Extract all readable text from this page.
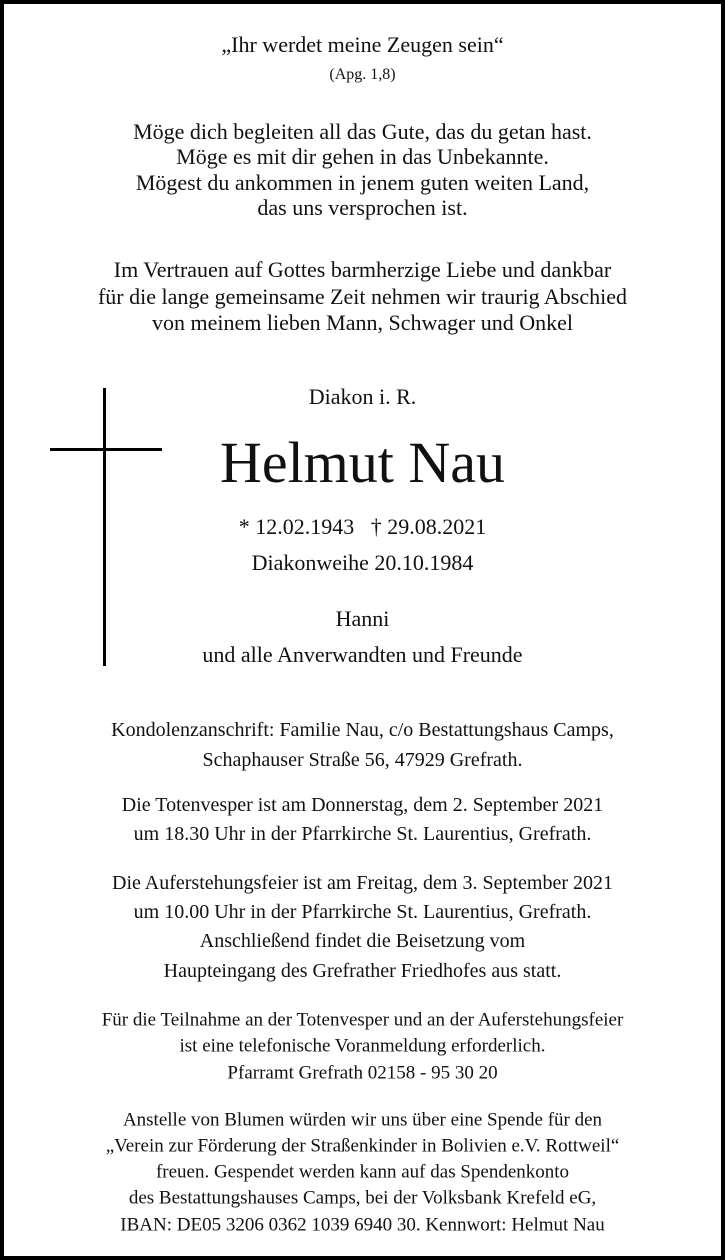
„Ihr werdet meine Zeugen sein“
(Apg. 1,8)
Möge dich begleiten all das Gute, das du getan hast.
Möge es mit dir gehen in das Unbekannte.
Mögest du ankommen in jenem guten weiten Land,
das uns versprochen ist.
Im Vertrauen auf Gottes barmherzige Liebe und dankbar
für die lange gemeinsame Zeit nehmen wir traurig Abschied
von meinem lieben Mann, Schwager und Onkel
Diakon i. R.
Helmut Nau
* 12.02.1943   † 29.08.2021
Diakonweihe 20.10.1984
Hanni
und alle Anverwandten und Freunde
Kondolenzanschrift: Familie Nau, c/o Bestattungshaus Camps,
Schaphauser Straße 56, 47929 Grefrath.
Die Totenvesper ist am Donnerstag, dem 2. September 2021
um 18.30 Uhr in der Pfarrkirche St. Laurentius, Grefrath.
Die Auferstehungsfeier ist am Freitag, dem 3. September 2021
um 10.00 Uhr in der Pfarrkirche St. Laurentius, Grefrath.
Anschließend findet die Beisetzung vom
Haupteingang des Grefrather Friedhofes aus statt.
Für die Teilnahme an der Totenvesper und an der Auferstehungsfeier
ist eine telefonische Voranmeldung erforderlich.
Pfarramt Grefrath 02158 - 95 30 20
Anstelle von Blumen würden wir uns über eine Spende für den
„Verein zur Förderung der Straßenkinder in Bolivien e.V. Rottweil“
freuen. Gespendet werden kann auf das Spendenkonto
des Bestattungshauses Camps, bei der Volksbank Krefeld eG,
IBAN: DE05 3206 0362 1039 6940 30. Kennwort: Helmut Nau
